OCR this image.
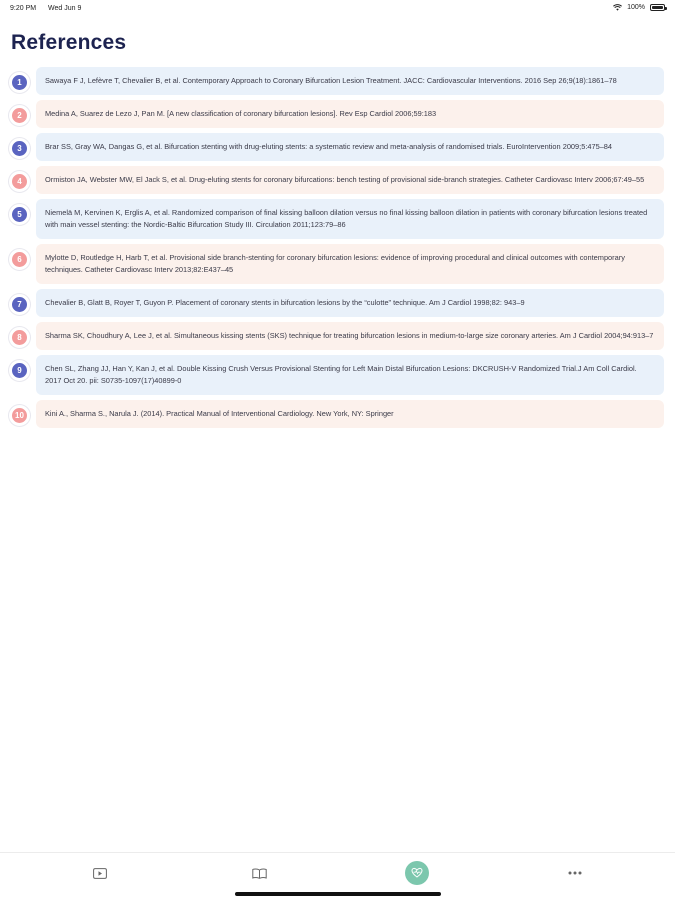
9:20 PM Wed Jun 9	100%
References
1	Sawaya F J, Lefèvre T, Chevalier B, et al. Contemporary Approach to Coronary Bifurcation Lesion Treatment. JACC: Cardiovascular Interventions. 2016 Sep 26;9(18):1861–78
2	Medina A, Suarez de Lezo J, Pan M. [A new classification of coronary bifurcation lesions]. Rev Esp Cardiol 2006;59:183
3	Brar SS, Gray WA, Dangas G, et al. Bifurcation stenting with drug-eluting stents: a systematic review and meta-analysis of randomised trials. EuroIntervention 2009;5:475–84
4	Ormiston JA, Webster MW, El Jack S, et al. Drug-eluting stents for coronary bifurcations: bench testing of provisional side-branch strategies. Catheter Cardiovasc Interv 2006;67:49–55
5	Niemelä M, Kervinen K, Erglis A, et al. Randomized comparison of final kissing balloon dilation versus no final kissing balloon dilation in patients with coronary bifurcation lesions treated with main vessel stenting: the Nordic-Baltic Bifurcation Study III. Circulation 2011;123:79–86
6	Mylotte D, Routledge H, Harb T, et al. Provisional side branch-stenting for coronary bifurcation lesions: evidence of improving procedural and clinical outcomes with contemporary techniques. Catheter Cardiovasc Interv 2013;82:E437–45
7	Chevalier B, Glatt B, Royer T, Guyon P. Placement of coronary stents in bifurcation lesions by the “culotte” technique. Am J Cardiol 1998;82: 943–9
8	Sharma SK, Choudhury A, Lee J, et al. Simultaneous kissing stents (SKS) technique for treating bifurcation lesions in medium-to-large size coronary arteries. Am J Cardiol 2004;94:913–7
9	Chen SL, Zhang JJ, Han Y, Kan J, et al. Double Kissing Crush Versus Provisional Stenting for Left Main Distal Bifurcation Lesions: DKCRUSH-V Randomized Trial.J Am Coll Cardiol. 2017 Oct 20. pii: S0735-1097(17)40899-0
10	Kini A., Sharma S., Narula J. (2014). Practical Manual of Interventional Cardiology. New York, NY: Springer
